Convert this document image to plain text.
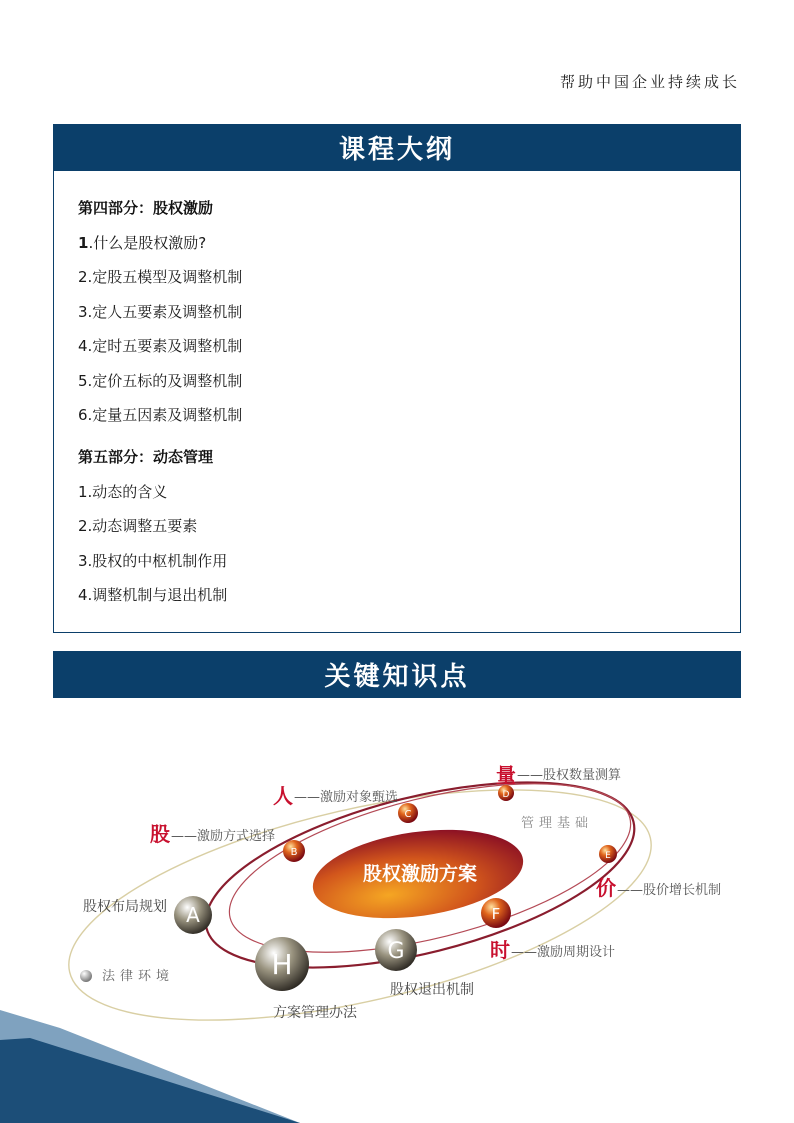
帮助中国企业持续成长
课程大纲
第四部分：股权激励
1.什么是股权激励?
2.定股五模型及调整机制
3.定人五要素及调整机制
4.定时五要素及调整机制
5.定价五标的及调整机制
6.定量五因素及调整机制
第五部分：动态管理
1.动态的含义
2.动态调整五要素
3.股权的中枢机制作用
4.调整机制与退出机制
关键知识点
股权激励方案
管理基础
法律环境
A
股权布局规划
B
股 ——激励方式选择
C
人 ——激励对象甄选	D
量 ——股权数量测算
E
价 ——股价增长机制
F
时 ——激励周期设计
G
股权退出机制
H
方案管理办法
